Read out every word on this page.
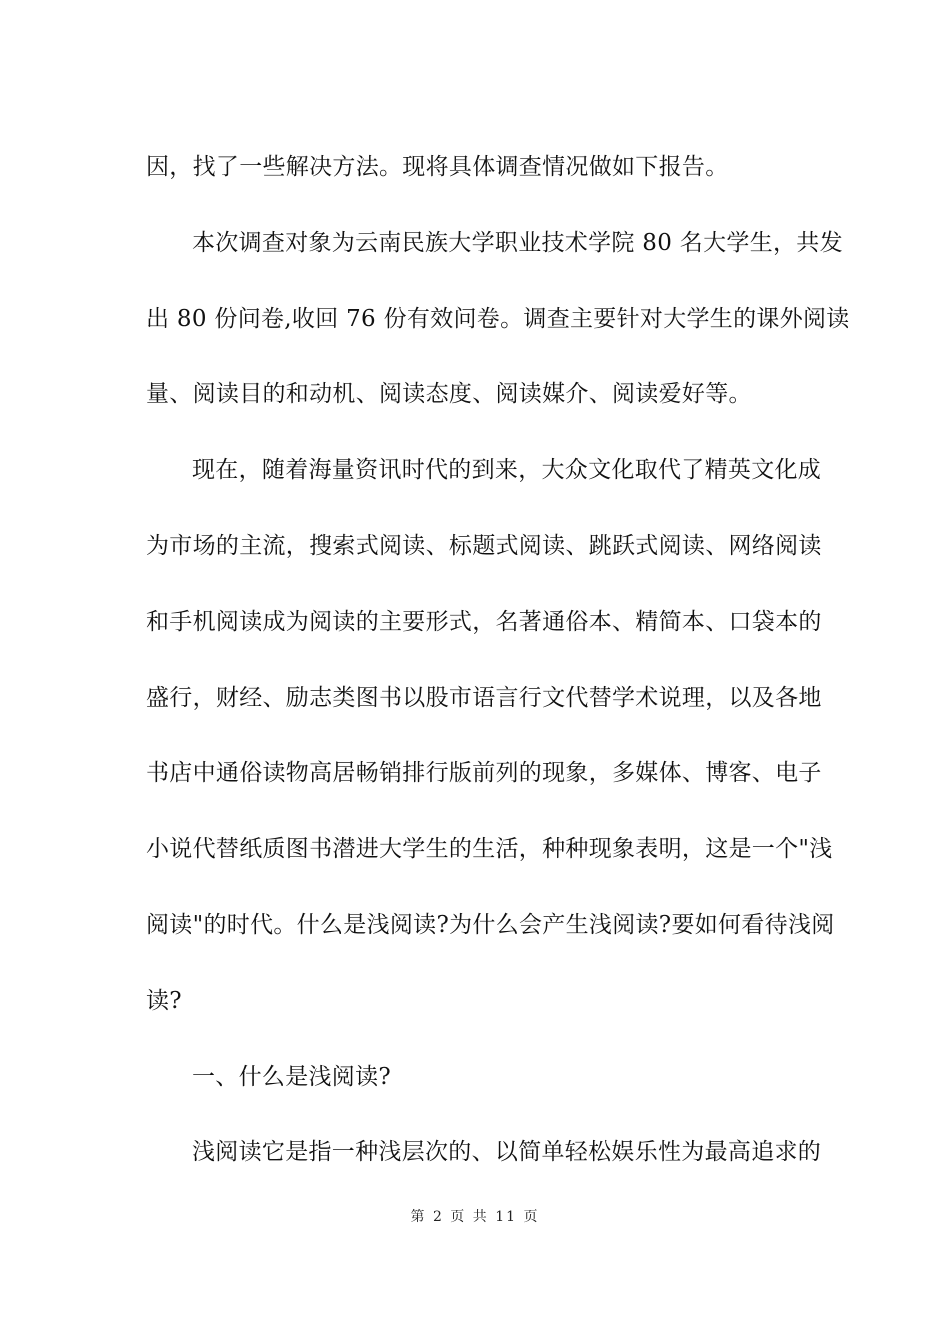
因，找了一些解决方法。现将具体调查情况做如下报告。
本次调查对象为云南民族大学职业技术学院 80 名大学生，共发
出 80 份问卷,收回 76 份有效问卷。调查主要针对大学生的课外阅读
量、阅读目的和动机、阅读态度、阅读媒介、阅读爱好等。
现在，随着海量资讯时代的到来，大众文化取代了精英文化成
为市场的主流，搜索式阅读、标题式阅读、跳跃式阅读、网络阅读
和手机阅读成为阅读的主要形式，名著通俗本、精简本、口袋本的
盛行，财经、励志类图书以股市语言行文代替学术说理，以及各地
书店中通俗读物高居畅销排行版前列的现象，多媒体、博客、电子
小说代替纸质图书潜进大学生的生活，种种现象表明，这是一个"浅
阅读"的时代。什么是浅阅读?为什么会产生浅阅读?要如何看待浅阅
读?
一、什么是浅阅读?
浅阅读它是指一种浅层次的、以简单轻松娱乐性为最高追求的
第 2 页 共 11 页
